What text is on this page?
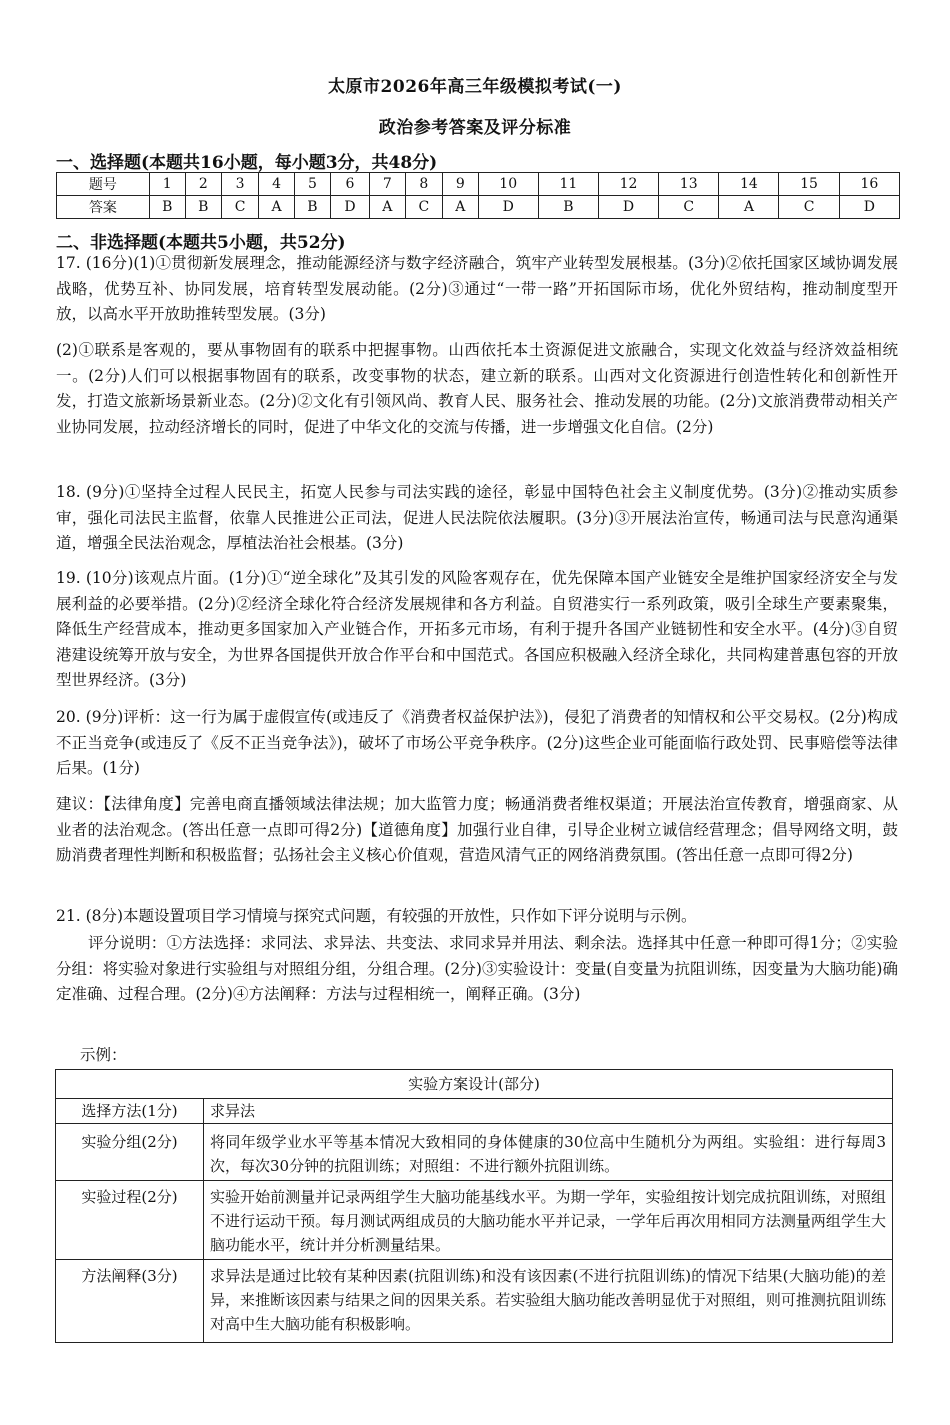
太原市2026年高三年级模拟考试(一)
政治参考答案及评分标准
一、选择题(本题共16小题，每小题3分，共48分)
题号	1	2	3	4	5	6	7	8	9	10	11	12	13	14	15	16
答案	B	B	C	A	B	D	A	C	A	D	B	D	C	A	C	D
二、非选择题(本题共5小题，共52分)

17. (16分)(1)①贯彻新发展理念，推动能源经济与数字经济融合，筑牢产业转型发展根基。(3分)②依托国家区域协调发展战略，优势互补、协同发展，培育转型发展动能。(2分)③通过“一带一路”开拓国际市场，优化外贸结构，推动制度型开放，以高水平开放助推转型发展。(3分)

(2)①联系是客观的，要从事物固有的联系中把握事物。山西依托本土资源促进文旅融合，实现文化效益与经济效益相统一。(2分)人们可以根据事物固有的联系，改变事物的状态，建立新的联系。山西对文化资源进行创造性转化和创新性开发，打造文旅新场景新业态。(2分)②文化有引领风尚、教育人民、服务社会、推动发展的功能。(2分)文旅消费带动相关产业协同发展，拉动经济增长的同时，促进了中华文化的交流与传播，进一步增强文化自信。(2分)

18. (9分)①坚持全过程人民民主，拓宽人民参与司法实践的途径，彰显中国特色社会主义制度优势。(3分)②推动实质参审，强化司法民主监督，依靠人民推进公正司法，促进人民法院依法履职。(3分)③开展法治宣传，畅通司法与民意沟通渠道，增强全民法治观念，厚植法治社会根基。(3分)

19. (10分)该观点片面。(1分)①“逆全球化”及其引发的风险客观存在，优先保障本国产业链安全是维护国家经济安全与发展利益的必要举措。(2分)②经济全球化符合经济发展规律和各方利益。自贸港实行一系列政策，吸引全球生产要素聚集，降低生产经营成本，推动更多国家加入产业链合作，开拓多元市场，有利于提升各国产业链韧性和安全水平。(4分)③自贸港建设统筹开放与安全，为世界各国提供开放合作平台和中国范式。各国应积极融入经济全球化，共同构建普惠包容的开放型世界经济。(3分)

20. (9分)评析：这一行为属于虚假宣传(或违反了《消费者权益保护法》)，侵犯了消费者的知情权和公平交易权。(2分)构成不正当竞争(或违反了《反不正当竞争法》)，破坏了市场公平竞争秩序。(2分)这些企业可能面临行政处罚、民事赔偿等法律后果。(1分)

建议：【法律角度】完善电商直播领域法律法规；加大监管力度；畅通消费者维权渠道；开展法治宣传教育，增强商家、从业者的法治观念。(答出任意一点即可得2分)【道德角度】加强行业自律，引导企业树立诚信经营理念；倡导网络文明，鼓励消费者理性判断和积极监督；弘扬社会主义核心价值观，营造风清气正的网络消费氛围。(答出任意一点即可得2分)

21. (8分)本题设置项目学习情境与探究式问题，有较强的开放性，只作如下评分说明与示例。

评分说明：①方法选择：求同法、求异法、共变法、求同求异并用法、剩余法。选择其中任意一种即可得1分；②实验分组：将实验对象进行实验组与对照组分组，分组合理。(2分)③实验设计：变量(自变量为抗阻训练，因变量为大脑功能)确定准确、过程合理。(2分)④方法阐释：方法与过程相统一，阐释正确。(3分)

示例：
实验方案设计(部分)	
选择方法(1分)	求异法
实验分组(2分)	将同年级学业水平等基本情况大致相同的身体健康的30位高中生随机分为两组。实验组：进行每周3次，每次30分钟的抗阻训练；对照组：不进行额外抗阻训练。
实验过程(2分)	实验开始前测量并记录两组学生大脑功能基线水平。为期一学年，实验组按计划完成抗阻训练，对照组不进行运动干预。每月测试两组成员的大脑功能水平并记录，一学年后再次用相同方法测量两组学生大脑功能水平，统计并分析测量结果。
方法阐释(3分)	求异法是通过比较有某种因素(抗阻训练)和没有该因素(不进行抗阻训练)的情况下结果(大脑功能)的差异，来推断该因素与结果之间的因果关系。若实验组大脑功能改善明显优于对照组，则可推测抗阻训练对高中生大脑功能有积极影响。
